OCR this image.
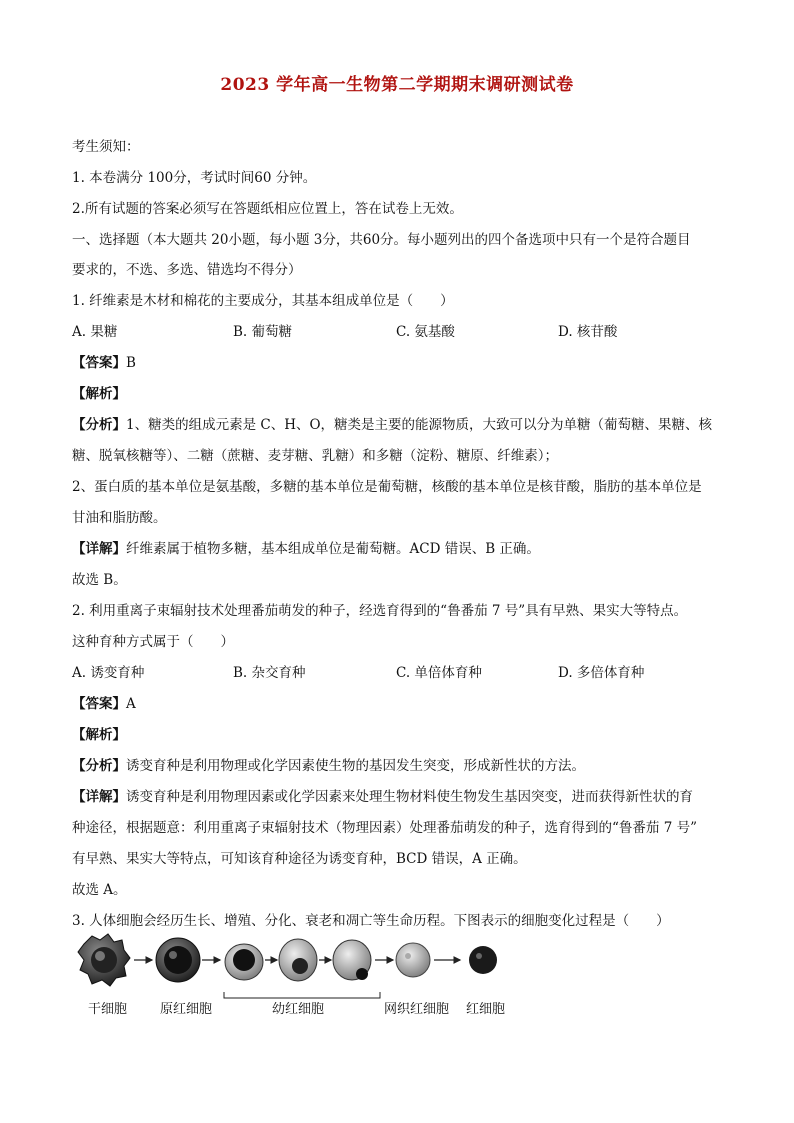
2023 学年高一生物第二学期期末调研测试卷
考生须知：
1. 本卷满分 100分，考试时间60 分钟。
2.所有试题的答案必须写在答题纸相应位置上，答在试卷上无效。
一、选择题（本大题共 20小题，每小题 3分，共60分。每小题列出的四个备选项中只有一个是符合题目
要求的，不选、多选、错选均不得分）
1. 纤维素是木材和棉花的主要成分，其基本组成单位是（　　）
A. 果糖	B. 葡萄糖	C. 氨基酸	D. 核苷酸
【答案】B
【解析】
【分析】1、糖类的组成元素是 C、H、O，糖类是主要的能源物质，大致可以分为单糖（葡萄糖、果糖、核
糖、脱氧核糖等）、二糖（蔗糖、麦芽糖、乳糖）和多糖（淀粉、糖原、纤维素）；
2、蛋白质的基本单位是氨基酸，多糖的基本单位是葡萄糖，核酸的基本单位是核苷酸，脂肪的基本单位是
甘油和脂肪酸。
【详解】纤维素属于植物多糖，基本组成单位是葡萄糖。ACD 错误、B 正确。
故选 B。
2. 利用重离子束辐射技术处理番茄萌发的种子，经选育得到的“鲁番茄 7 号”具有早熟、果实大等特点。
这种育种方式属于（　　）
A. 诱变育种	B. 杂交育种	C. 单倍体育种	D. 多倍体育种
【答案】A
【解析】
【分析】诱变育种是利用物理或化学因素使生物的基因发生突变，形成新性状的方法。
【详解】诱变育种是利用物理因素或化学因素来处理生物材料使生物发生基因突变，进而获得新性状的育
种途径，根据题意：利用重离子束辐射技术（物理因素）处理番茄萌发的种子，选育得到的“鲁番茄 7 号”
有早熟、果实大等特点，可知该育种途径为诱变育种，BCD 错误，A 正确。
故选 A。
3. 人体细胞会经历生长、增殖、分化、衰老和凋亡等生命历程。下图表示的细胞变化过程是（　　）
干细胞	原红细胞	幼红细胞	网织红细胞 红细胞
